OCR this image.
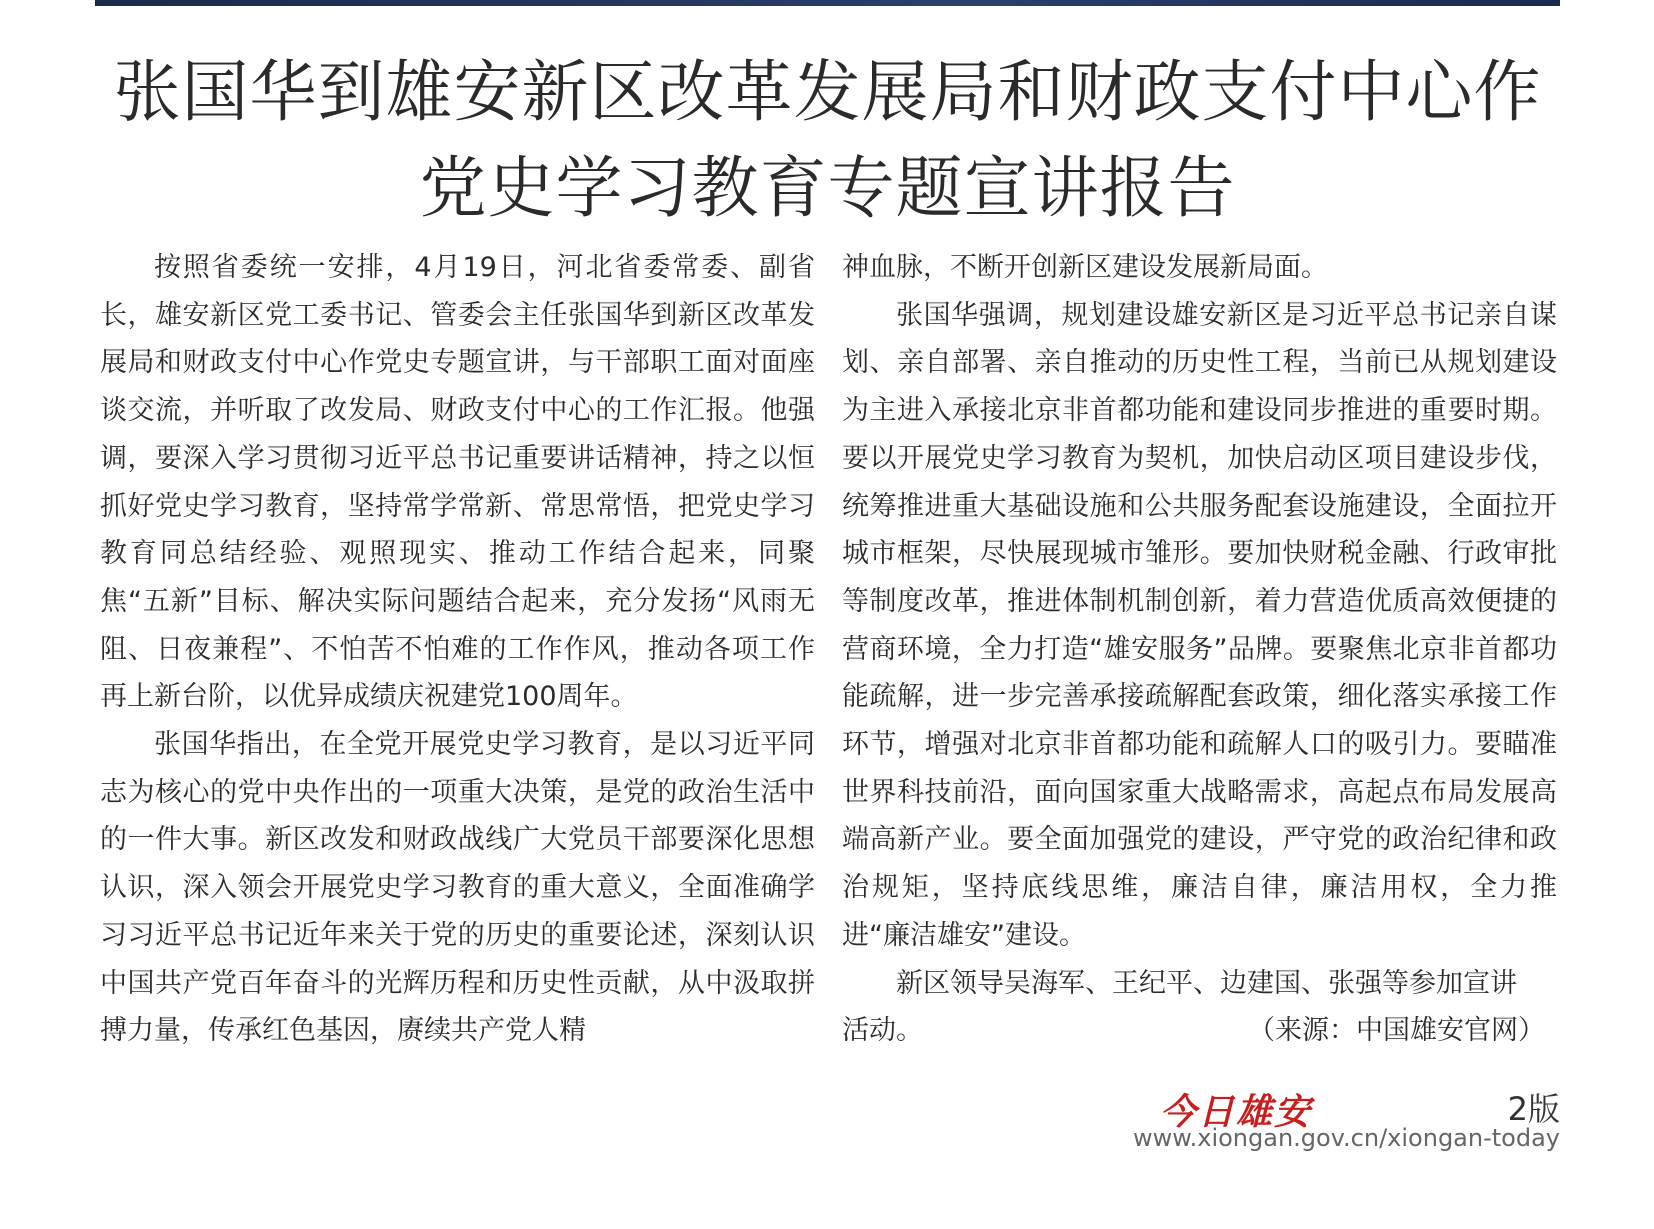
张国华到雄安新区改革发展局和财政支付中心作
党史学习教育专题宣讲报告

按照省委统一安排，4月19日，河北省委常委、副省长，雄安新区党工委书记、管委会主任张国华到新区改革发展局和财政支付中心作党史专题宣讲，与干部职工面对面座谈交流，并听取了改发局、财政支付中心的工作汇报。他强调，要深入学习贯彻习近平总书记重要讲话精神，持之以恒抓好党史学习教育，坚持常学常新、常思常悟，把党史学习教育同总结经验、观照现实、推动工作结合起来，同聚焦“五新”目标、解决实际问题结合起来，充分发扬“风雨无阻、日夜兼程”、不怕苦不怕难的工作作风，推动各项工作再上新台阶，以优异成绩庆祝建党100周年。

张国华指出，在全党开展党史学习教育，是以习近平同志为核心的党中央作出的一项重大决策，是党的政治生活中的一件大事。新区改发和财政战线广大党员干部要深化思想认识，深入领会开展党史学习教育的重大意义，全面准确学习习近平总书记近年来关于党的历史的重要论述，深刻认识中国共产党百年奋斗的光辉历程和历史性贡献，从中汲取拼搏力量，传承红色基因，赓续共产党人精

神血脉，不断开创新区建设发展新局面。

张国华强调，规划建设雄安新区是习近平总书记亲自谋划、亲自部署、亲自推动的历史性工程，当前已从规划建设为主进入承接北京非首都功能和建设同步推进的重要时期。要以开展党史学习教育为契机，加快启动区项目建设步伐，统筹推进重大基础设施和公共服务配套设施建设，全面拉开城市框架，尽快展现城市雏形。要加快财税金融、行政审批等制度改革，推进体制机制创新，着力营造优质高效便捷的营商环境，全力打造“雄安服务”品牌。要聚焦北京非首都功能疏解，进一步完善承接疏解配套政策，细化落实承接工作环节，增强对北京非首都功能和疏解人口的吸引力。要瞄准世界科技前沿，面向国家重大战略需求，高起点布局发展高端高新产业。要全面加强党的建设，严守党的政治纪律和政治规矩，坚持底线思维，廉洁自律，廉洁用权，全力推进“廉洁雄安”建设。

新区领导吴海军、王纪平、边建国、张强等参加宣讲

活动。	（来源：中国雄安官网）

今日雄安	2版
www.xiongan.gov.cn/xiongan-today
